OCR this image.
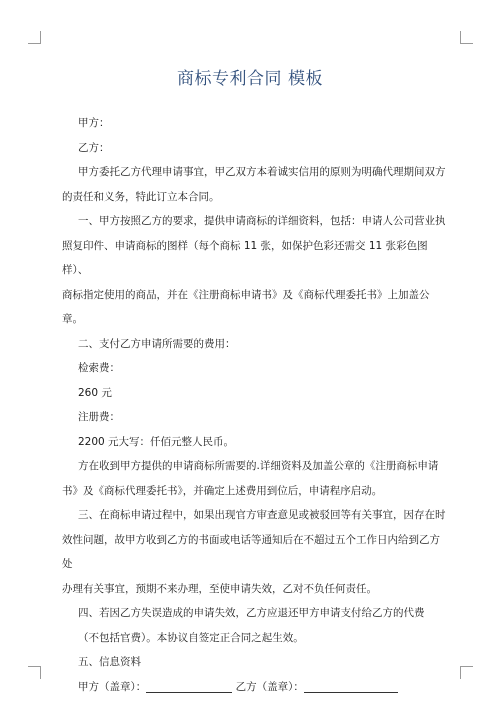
商标专利合同 模板

甲方：

乙方：

甲方委托乙方代理申请事宜，甲乙双方本着诚实信用的原则为明确代理期间双方

的责任和义务，特此订立本合同。

一、甲方按照乙方的要求，提供申请商标的详细资料，包括：申请人公司营业执

照复印件、申请商标的图样（每个商标 11 张，如保护色彩还需交 11 张彩色图样）、

商标指定使用的商品，并在《注册商标申请书》及《商标代理委托书》上加盖公章。

二、支付乙方申请所需要的费用：

检索费：

260 元

注册费：

2200 元大写：仟佰元整人民币。

方在收到甲方提供的申请商标所需要的.详细资料及加盖公章的《注册商标申请

书》及《商标代理委托书》，并确定上述费用到位后，申请程序启动。

三、在商标申请过程中，如果出现官方审查意见或被驳回等有关事宜，因存在时

效性问题，故甲方收到乙方的书面或电话等通知后在不超过五个工作日内给到乙方处

办理有关事宜，预期不来办理，至使申请失效，乙对不负任何责任。

四、若因乙方失误造成的申请失效，乙方应退还甲方申请支付给乙方的代费

（不包括官费）。本协议自签定正合同之起生效。

五、信息资料

甲方（盖章）：	乙方（盖章）：
